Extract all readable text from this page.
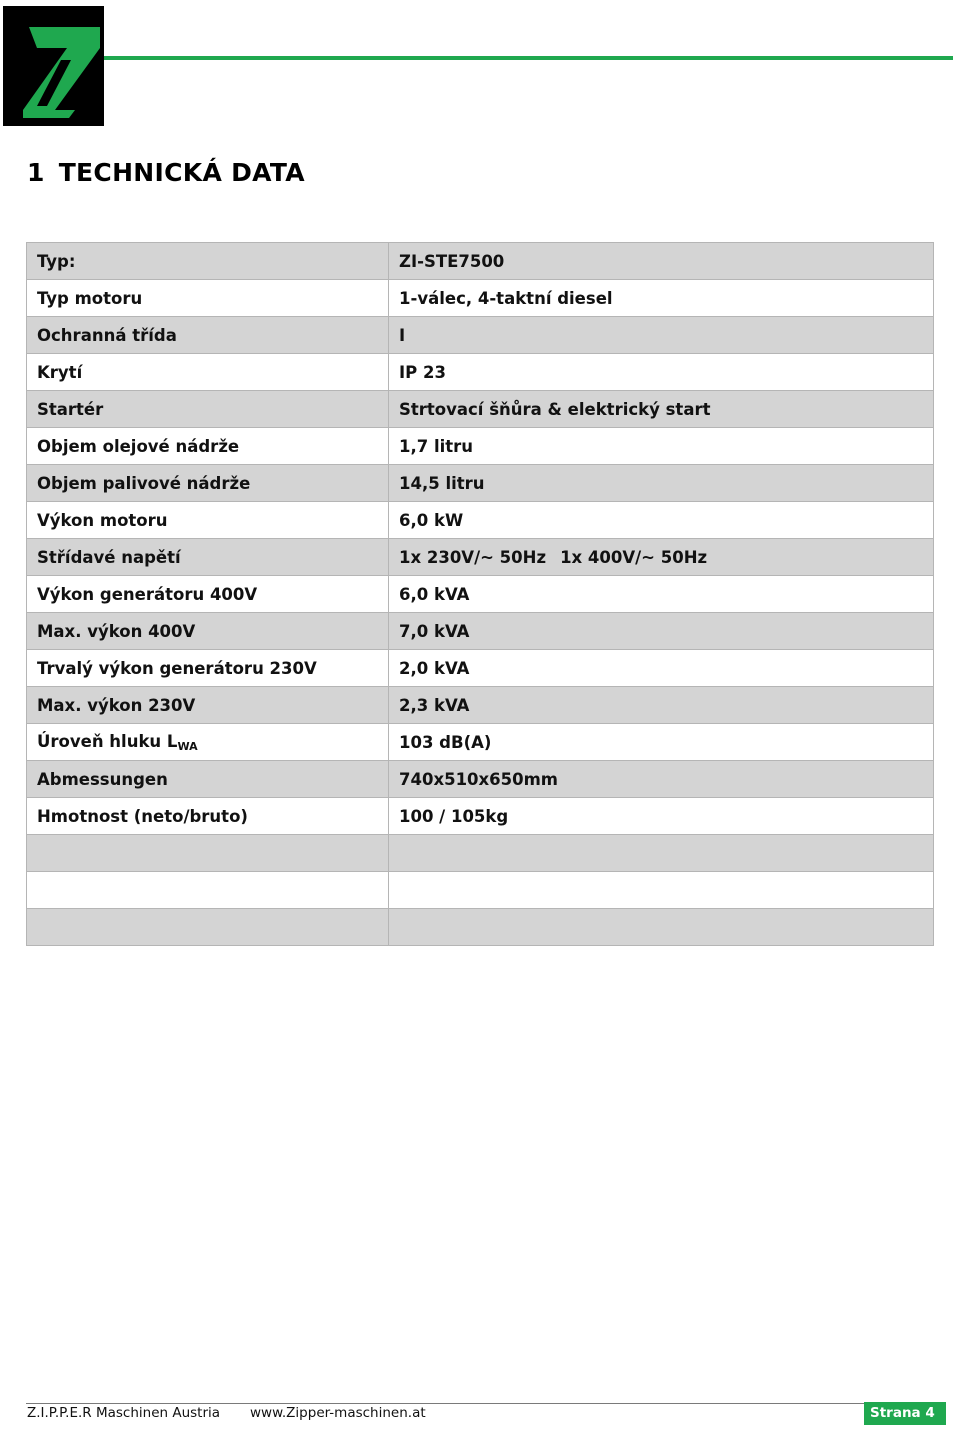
1 TECHNICKÁ DATA
Typ:	ZI-STE7500
Typ motoru	1-válec, 4-taktní diesel
Ochranná třída	I
Krytí	IP 23
Startér	Strtovací šňůra & elektrický start
Objem olejové nádrže	1,7 litru
Objem palivové nádrže	14,5 litru
Výkon motoru	6,0 kW
Střídavé napětí	1x 230V/~ 50Hz 1x 400V/~ 50Hz
Výkon generátoru 400V	6,0 kVA
Max. výkon 400V	7,0 kVA
Trvalý výkon generátoru 230V	2,0 kVA
Max. výkon 230V	2,3 kVA
Úroveň hluku $L_{WA}$	103 dB(A)
Abmessungen	740x510x650mm
Hmotnost (neto/bruto)	100 / 105kg

Z.I.P.P.E.R Maschinen Austria www.Zipper-maschinen.at	Strana 4
